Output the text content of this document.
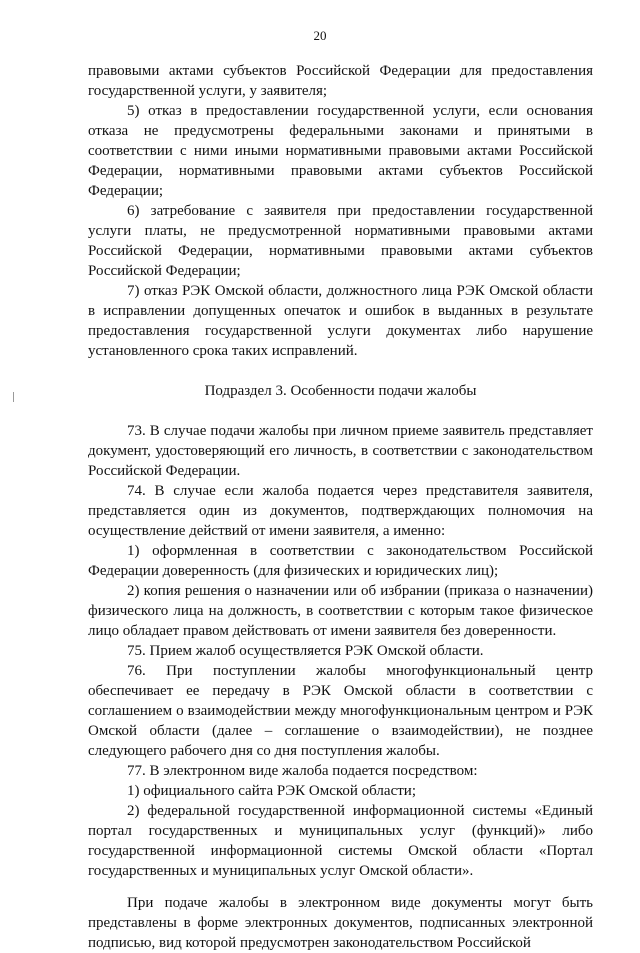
20

правовыми актами субъектов Российской Федерации для предоставления государственной услуги, у заявителя;

5) отказ в предоставлении государственной услуги, если основания отказа не предусмотрены федеральными законами и принятыми в соответствии с ними иными нормативными правовыми актами Российской Федерации, нормативными правовыми актами субъектов Российской Федерации;

6) затребование с заявителя при предоставлении государственной услуги платы, не предусмотренной нормативными правовыми актами Российской Федерации, нормативными правовыми актами субъектов Российской Федерации;

7) отказ РЭК Омской области, должностного лица РЭК Омской области в исправлении допущенных опечаток и ошибок в выданных в результате предоставления государственной услуги документах либо нарушение установленного срока таких исправлений.

Подраздел 3. Особенности подачи жалобы

73. В случае подачи жалобы при личном приеме заявитель представляет документ, удостоверяющий его личность, в соответствии с законодательством Российской Федерации.

74. В случае если жалоба подается через представителя заявителя, представляется один из документов, подтверждающих полномочия на осуществление действий от имени заявителя, а именно:

1) оформленная в соответствии с законодательством Российской Федерации доверенность (для физических и юридических лиц);

2) копия решения о назначении или об избрании (приказа о назначении) физического лица на должность, в соответствии с которым такое физическое лицо обладает правом действовать от имени заявителя без доверенности.

75. Прием жалоб осуществляется РЭК Омской области.

76. При поступлении жалобы многофункциональный центр обеспечивает ее передачу в РЭК Омской области в соответствии с соглашением о взаимодействии между многофункциональным центром и РЭК Омской области (далее – соглашение о взаимодействии), не позднее следующего рабочего дня со дня поступления жалобы.

77. В электронном виде жалоба подается посредством:

1) официального сайта РЭК Омской области;

2) федеральной государственной информационной системы «Единый портал государственных и муниципальных услуг (функций)» либо государственной информационной системы Омской области «Портал государственных и муниципальных услуг Омской области».

При подаче жалобы в электронном виде документы могут быть представлены в форме электронных документов, подписанных электронной подписью, вид которой предусмотрен законодательством Российской
